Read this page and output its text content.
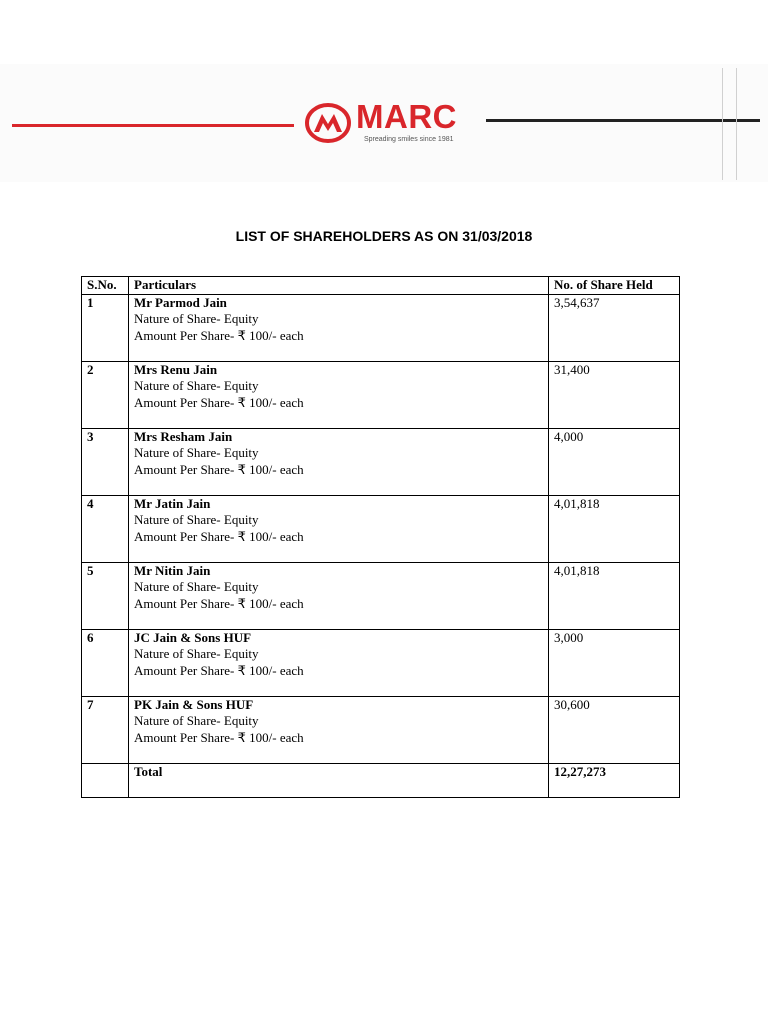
MARC
Spreading smiles since 1981
LIST OF SHAREHOLDERS AS ON 31/03/2018
S.No.	Particulars	No. of Share Held
1	Mr Parmod Jain
Nature of Share- Equity
Amount Per Share- ₹ 100/- each	3,54,637
2	Mrs Renu Jain
Nature of Share- Equity
Amount Per Share- ₹ 100/- each	31,400
3	Mrs Resham Jain
Nature of Share- Equity
Amount Per Share- ₹ 100/- each	4,000
4	Mr Jatin Jain
Nature of Share- Equity
Amount Per Share- ₹ 100/- each	4,01,818
5	Mr Nitin Jain
Nature of Share- Equity
Amount Per Share- ₹ 100/- each	4,01,818
6	JC Jain & Sons HUF
Nature of Share- Equity
Amount Per Share- ₹ 100/- each	3,000
7	PK Jain & Sons HUF
Nature of Share- Equity
Amount Per Share- ₹ 100/- each	30,600
	Total	12,27,273
